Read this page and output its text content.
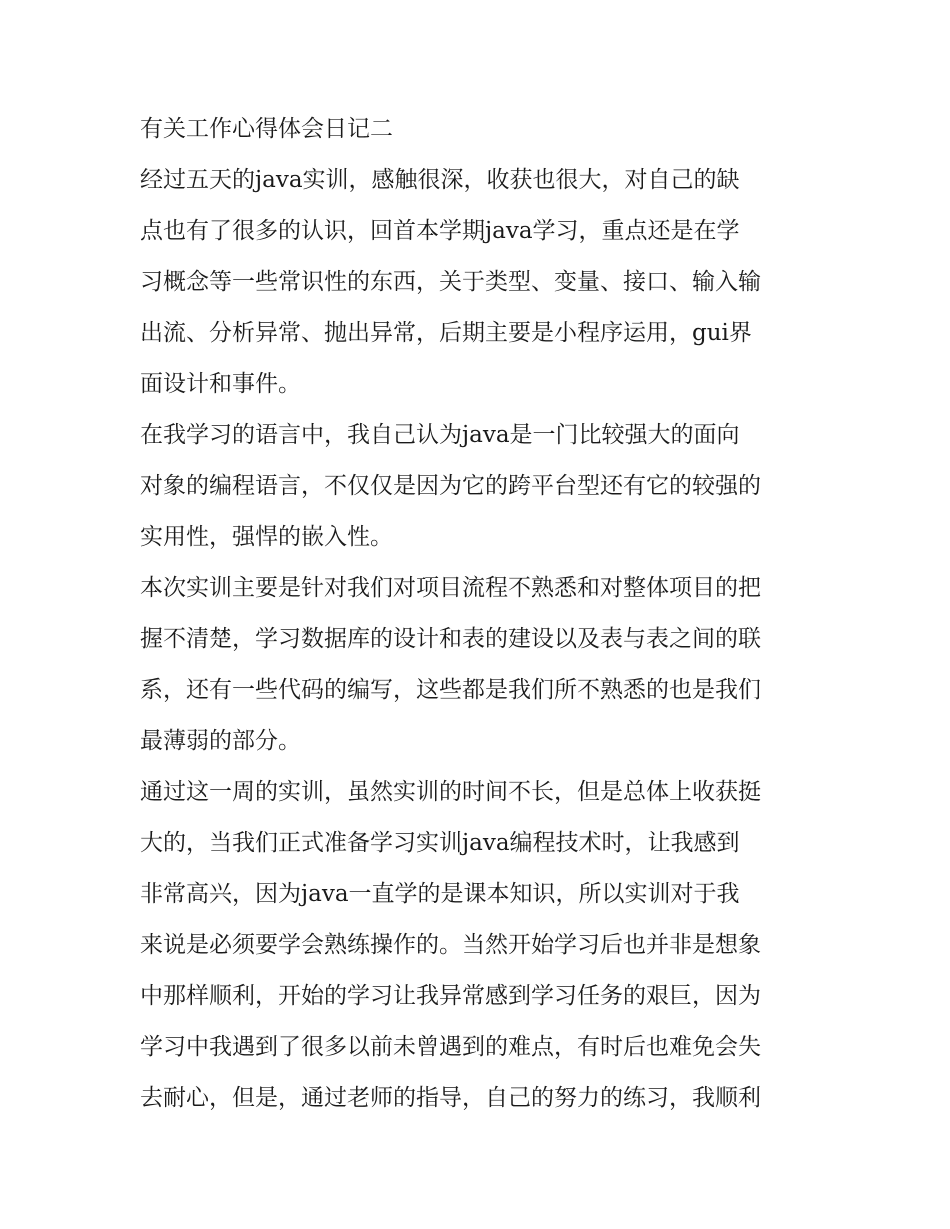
有关工作心得体会日记二
经过五天的java实训，感触很深，收获也很大，对自己的缺
点也有了很多的认识，回首本学期java学习，重点还是在学
习概念等一些常识性的东西，关于类型、变量、接口、输入输
出流、分析异常、抛出异常，后期主要是小程序运用，gui界
面设计和事件。
在我学习的语言中，我自己认为java是一门比较强大的面向
对象的编程语言，不仅仅是因为它的跨平台型还有它的较强的
实用性，强悍的嵌入性。
本次实训主要是针对我们对项目流程不熟悉和对整体项目的把
握不清楚，学习数据库的设计和表的建设以及表与表之间的联
系，还有一些代码的编写，这些都是我们所不熟悉的也是我们
最薄弱的部分。
通过这一周的实训，虽然实训的时间不长，但是总体上收获挺
大的，当我们正式准备学习实训java编程技术时，让我感到
非常高兴，因为java一直学的是课本知识，所以实训对于我
来说是必须要学会熟练操作的。当然开始学习后也并非是想象
中那样顺利，开始的学习让我异常感到学习任务的艰巨，因为
学习中我遇到了很多以前未曾遇到的难点，有时后也难免会失
去耐心，但是，通过老师的指导，自己的努力的练习，我顺利
